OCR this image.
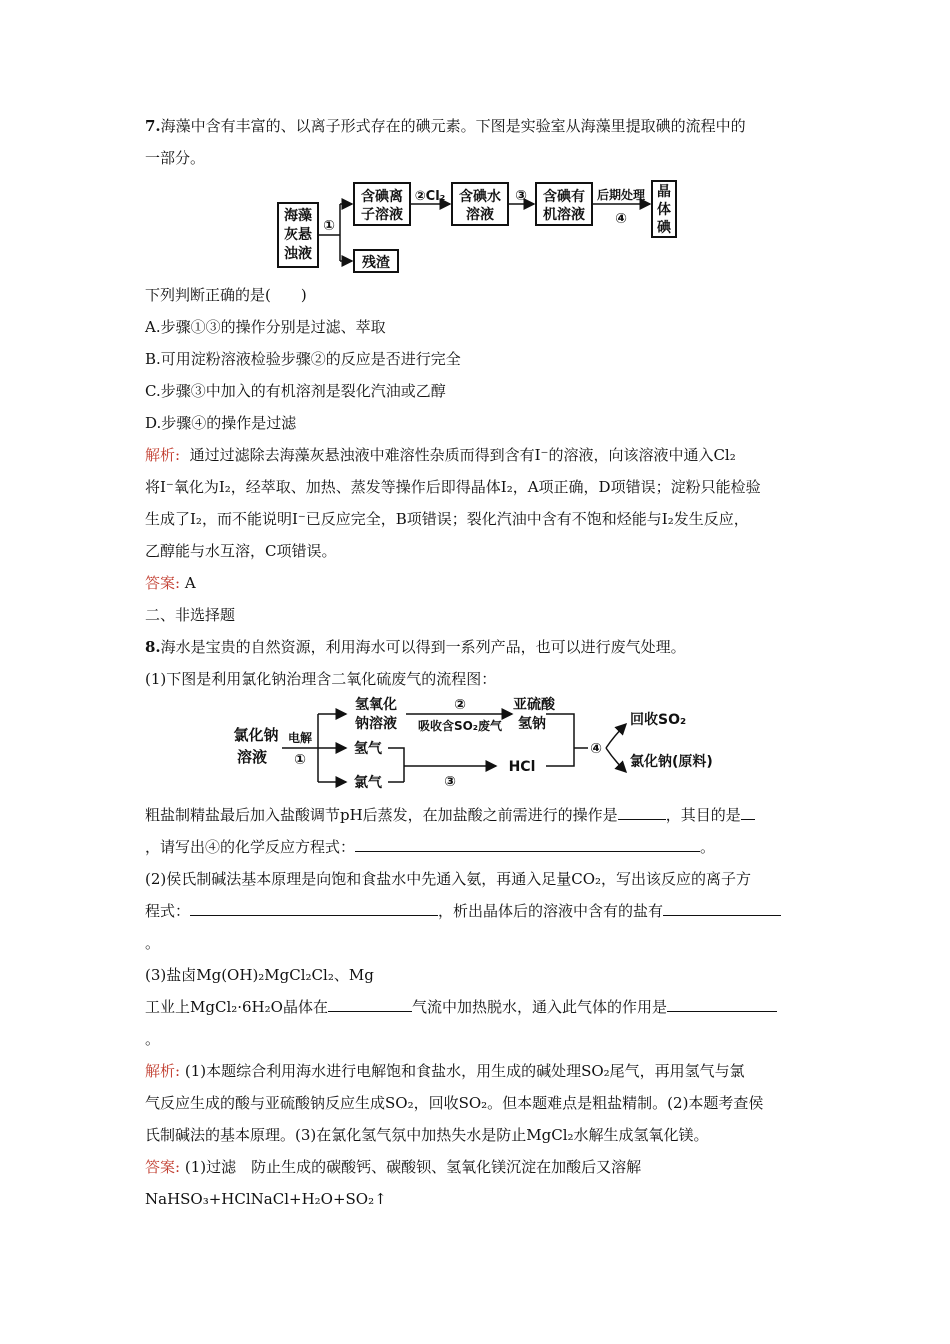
7.海藻中含有丰富的、以离子形式存在的碘元素。下图是实验室从海藻里提取碘的流程中的
一部分。
海藻
灰悬
浊液
①
含碘离
子溶液
残渣
②Cl₂ 含碘水
溶液
③ 含碘有
机溶液
后期处理
④
晶
体
碘
下列判断正确的是(　　)
A.步骤①③的操作分别是过滤、萃取
B.可用淀粉溶液检验步骤②的反应是否进行完全
C.步骤③中加入的有机溶剂是裂化汽油或乙醇
D.步骤④的操作是过滤
解析: 通过过滤除去海藻灰悬浊液中难溶性杂质而得到含有I⁻的溶液，向该溶液中通入Cl₂
将I⁻氧化为I₂，经萃取、加热、蒸发等操作后即得晶体I₂，A项正确，D项错误；淀粉只能检验
生成了I₂，而不能说明I⁻已反应完全，B项错误；裂化汽油中含有不饱和烃能与I₂发生反应，
乙醇能与水互溶，C项错误。
答案: A
二、非选择题
8.海水是宝贵的自然资源，利用海水可以得到一系列产品，也可以进行废气处理。
(1)下图是利用氯化钠治理含二氧化硫废气的流程图：
氯化钠
溶液
电解
①
氢氧化
钠溶液
②
吸收含SO₂废气
亚硫酸
氢钠
氢气
氯气	③
HCl
④
回收SO₂
氯化钠(原料)
粗盐制精盐最后加入盐酸调节pH后蒸发，在加盐酸之前需进行的操作是	，其目的是
，请写出④的化学反应方程式：	。
(2)侯氏制碱法基本原理是向饱和食盐水中先通入氨，再通入足量CO₂，写出该反应的离子方
程式：	，析出晶体后的溶液中含有的盐有
。
(3)盐卤Mg(OH)₂MgCl₂Cl₂、Mg
工业上MgCl₂·6H₂O晶体在	气流中加热脱水，通入此气体的作用是
。
解析: (1)本题综合利用海水进行电解饱和食盐水，用生成的碱处理SO₂尾气，再用氢气与氯
气反应生成的酸与亚硫酸钠反应生成SO₂，回收SO₂。但本题难点是粗盐精制。(2)本题考查侯
氏制碱法的基本原理。(3)在氯化氢气氛中加热失水是防止MgCl₂水解生成氢氧化镁。
答案: (1)过滤　防止生成的碳酸钙、碳酸钡、氢氧化镁沉淀在加酸后又溶解
NaHSO₃+HClNaCl+H₂O+SO₂↑
